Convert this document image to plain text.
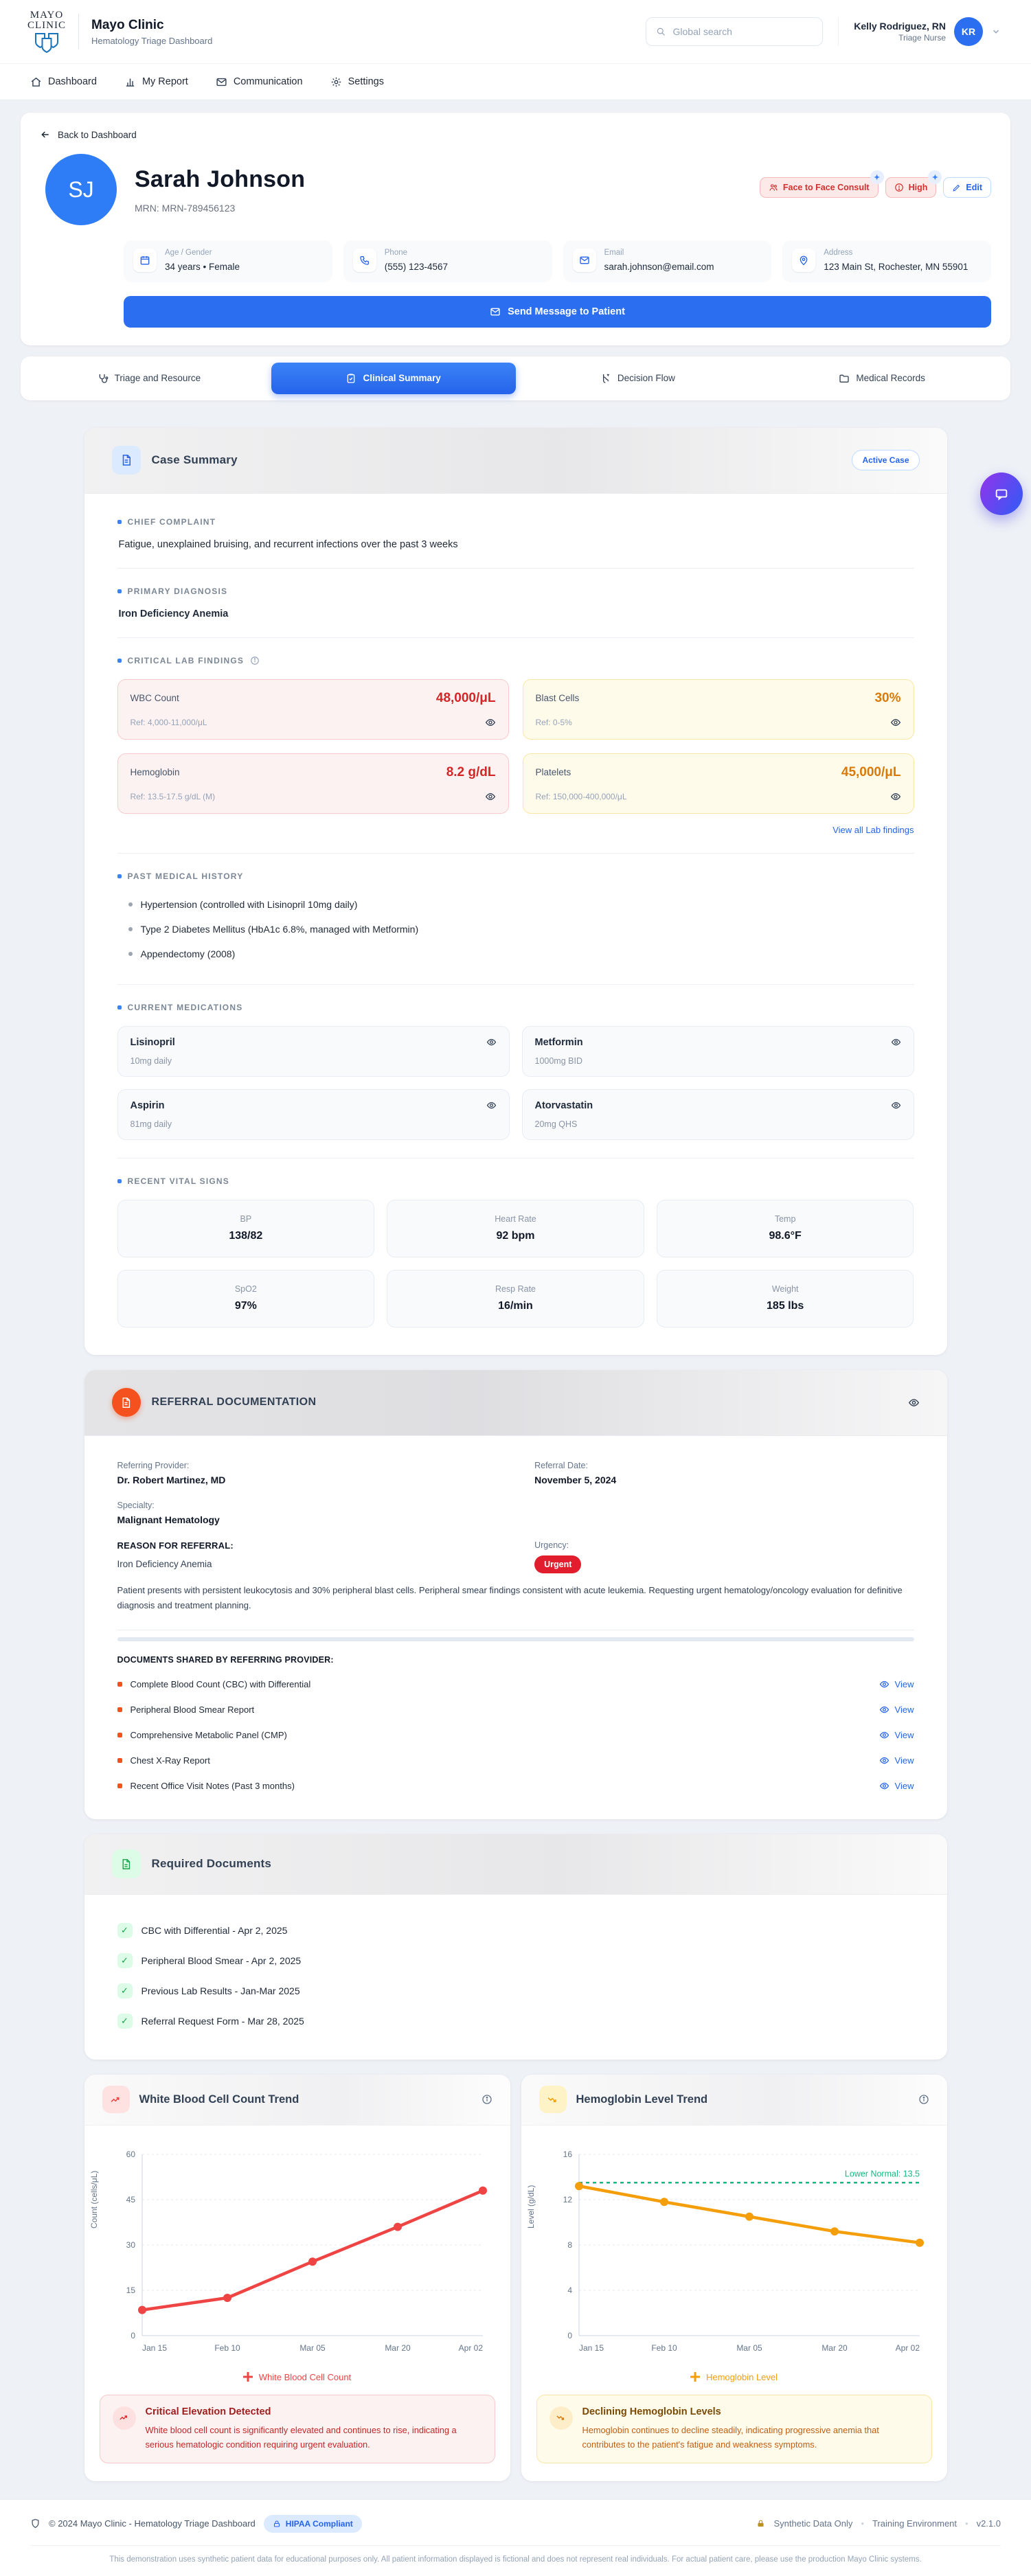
MAYO
CLINIC Mayo Clinic
Hematology Triage Dashboard
Global search
Kelly Rodriguez, RN
Triage Nurse
KR
Dashboard	My Report	Communication	Settings
Back to Dashboard
SJ	Sarah Johnson
MRN: MRN-789456123
Face to Face Consult
✦
High
✦
Edit
Age / Gender
34 years • Female
Phone
(555) 123-4567
Email
sarah.johnson@email.com
Address
123 Main St, Rochester, MN 55901
Send Message to Patient
Triage and Resource	Clinical Summary	Decision Flow	Medical Records
Case Summary	Active Case
CHIEF COMPLAINT
Fatigue, unexplained bruising, and recurrent infections over the past 3 weeks
PRIMARY DIAGNOSIS
Iron Deficiency Anemia
CRITICAL LAB FINDINGS
WBC Count	48,000/μL
Ref: 4,000-11,000/μL
Blast Cells	30%
Ref: 0-5%
Hemoglobin	8.2 g/dL
Ref: 13.5-17.5 g/dL (M)
Platelets	45,000/μL
Ref: 150,000-400,000/μL
View all Lab findings
PAST MEDICAL HISTORY
Hypertension (controlled with Lisinopril 10mg daily)
Type 2 Diabetes Mellitus (HbA1c 6.8%, managed with Metformin)
Appendectomy (2008)
CURRENT MEDICATIONS
Lisinopril
10mg daily
Metformin
1000mg BID
Aspirin
81mg daily
Atorvastatin
20mg QHS
RECENT VITAL SIGNS
BP
138/82
Heart Rate
92 bpm
Temp
98.6°F
SpO2
97%
Resp Rate
16/min
Weight
185 lbs
REFERRAL DOCUMENTATION
Referring Provider:
Dr. Robert Martinez, MD
Referral Date:
November 5, 2024
Specialty:
Malignant Hematology
REASON FOR REFERRAL:
Iron Deficiency Anemia
Urgency:
Urgent
Patient presents with persistent leukocytosis and 30% peripheral blast cells. Peripheral smear findings consistent with acute leukemia. Requesting urgent hematology/oncology evaluation for definitive diagnosis and treatment planning.
DOCUMENTS SHARED BY REFERRING PROVIDER:
Complete Blood Count (CBC) with Differential	View
Peripheral Blood Smear Report	View
Comprehensive Metabolic Panel (CMP)	View
Chest X-Ray Report	View
Recent Office Visit Notes (Past 3 months)	View
Required Documents
✓	CBC with Differential - Apr 2, 2025
✓	Peripheral Blood Smear - Apr 2, 2025
✓	Previous Lab Results - Jan-Mar 2025
✓	Referral Request Form - Mar 28, 2025
White Blood Cell Count Trend
Count (cells/μL)
0
15
30
45
60
Jan 15	Feb 10	Mar 05	Mar 20	Apr 02
White Blood Cell Count
Critical Elevation Detected
White blood cell count is significantly elevated and continues to rise, indicating a serious hematologic condition requiring urgent evaluation.
Hemoglobin Level Trend
Level (g/dL)
0
4
8
12
16
Jan 15	Feb 10	Mar 05	Mar 20	Apr 02
Lower Normal: 13.5
Hemoglobin Level
Declining Hemoglobin Levels
Hemoglobin continues to decline steadily, indicating progressive anemia that contributes to the patient's fatigue and weakness symptoms.
© 2024 Mayo Clinic - Hematology Triage Dashboard	HIPAA Compliant	Synthetic Data Only • Training Environment • v2.1.0
This demonstration uses synthetic patient data for educational purposes only. All patient information displayed is fictional and does not represent real individuals. For actual patient care, please use the production Mayo Clinic systems.
